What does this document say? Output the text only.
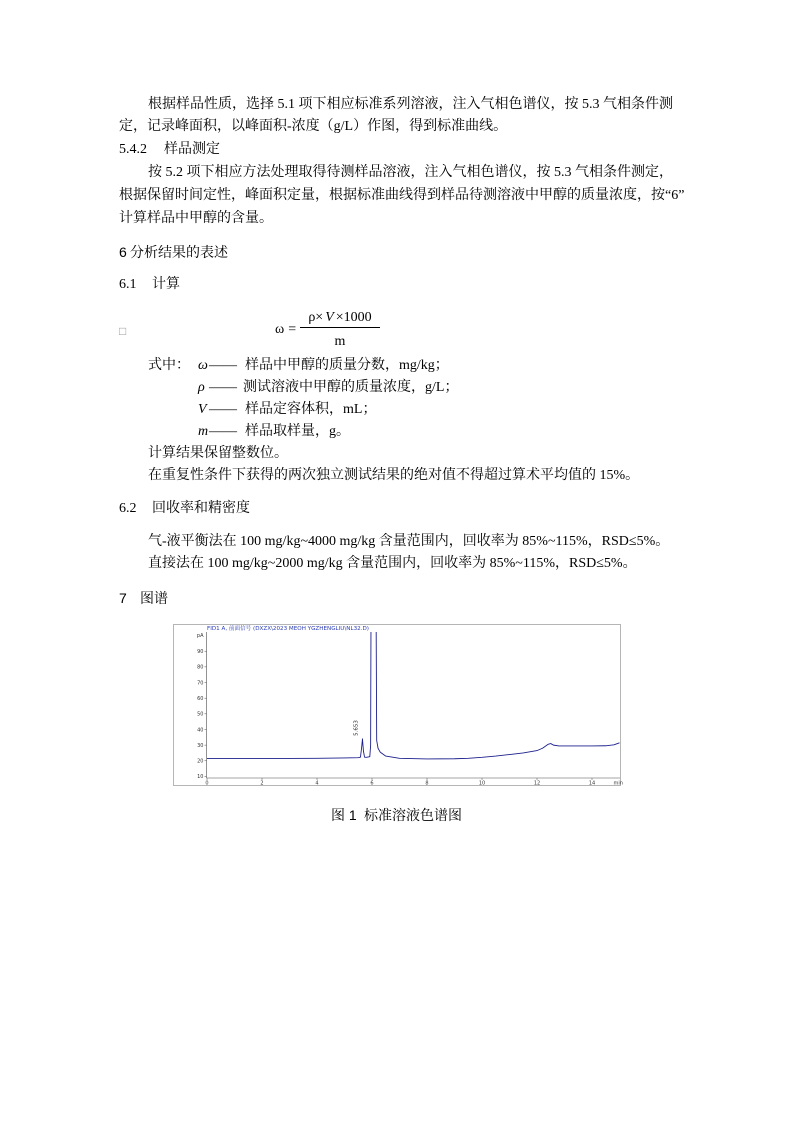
根据样品性质，选择 5.1 项下相应标准系列溶液，注入气相色谱仪，按 5.3 气相条件测
定，记录峰面积，以峰面积-浓度（g/L）作图，得到标准曲线。
5.4.2 样品测定
按 5.2 项下相应方法处理取得待测样品溶液，注入气相色谱仪，按 5.3 气相条件测定，
根据保留时间定性，峰面积定量，根据标准曲线得到样品待测溶液中甲醇的质量浓度，按“6”
计算样品中甲醇的含量。
6 分析结果的表述
6.1 计算
□	$\omega = \frac{\rho\times V \times 1000}{m}$
式中： ω —— 样品中甲醇的质量分数，mg/kg；
ρ —— 测试溶液中甲醇的质量浓度，g/L；
V —— 样品定容体积，mL；
m —— 样品取样量，g。
计算结果保留整数位。
在重复性条件下获得的两次独立测试结果的绝对值不得超过算术平均值的 15%。
6.2 回收率和精密度
气-液平衡法在 100 mg/kg~4000 mg/kg 含量范围内，回收率为 85%~115%，RSD≤5%。
直接法在 100 mg/kg~2000 mg/kg 含量范围内，回收率为 85%~115%，RSD≤5%。
7 图谱
FID1 A, 前面信号 (DXZX\2023 MEOH YGZHENGLIU\NL32.D)
0	2	4	6	8	10	12	14
10
20
30
40
50
60
70
80
90
pA
min
5.653
图 1 标准溶液色谱图
